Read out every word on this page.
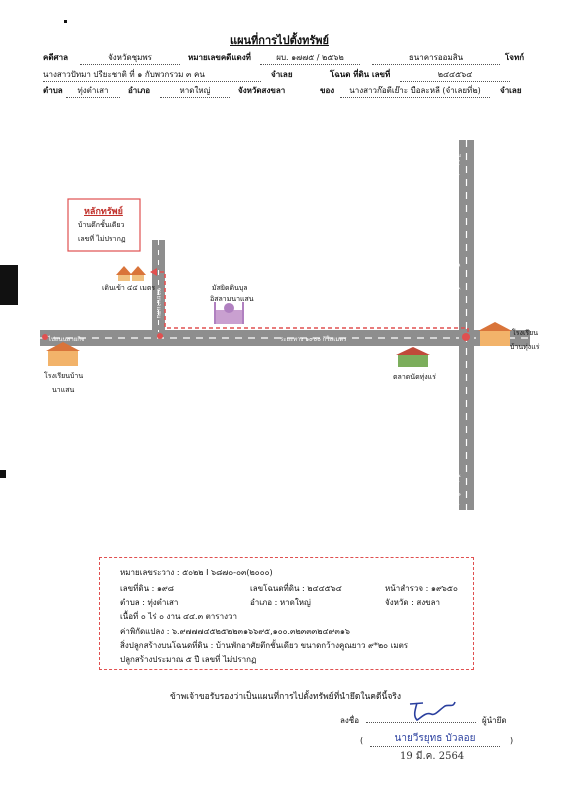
แผนที่การไปตั้งทรัพย์
คดีศาล	จังหวัดชุมพร	หมายเลขคดีแดงที่	ผบ. ๑๗๗๕ / ๒๕๖๒	ธนาคารออมสิน	โจทก์
นางสาวปัทมา ปรียะชาติ ที่ ๑ กับพวกรวม ๓ คน	จำเลย	โฉนด ที่ดิน เลขที่	๒๔๔๕๖๔
ตำบล	ทุ่งตำเสา	อำเภอ	หาดใหญ่	จังหวัดสงขลา	ของ	นางสาวก๊อตีเย๊าะ บือละหลี (จำเลยที่๒)	จำเลย
หลักทรัพย์
บ้านตึกชั้นเดียว
เลขที่ ไม่ปรากฏ
เดินเข้า ๔๔ เมตร	มัสยิดดินบุล
อิสลามนาแสน
โรงเรียนบ้าน
นาแสน
โรงเรียน
บ้านทุ่งแร่
ตลาดนัดทุ่งแร่
ไปถนนสายกิจ	ระยะทาง ๑๙๐๐ กิโลเมตร
ไปทุ่งแร่
ถนนลพบุรีราเมศวร์
ไปหาดใหญ่
ซอยนาแสน
หมายเลขระวาง : ๕๐๒๒ I ๖๘๗๐-๐๓(๒๐๐๐)
เลขที่ดิน : ๑๙๘	เลขโฉนดที่ดิน : ๒๔๔๕๖๔	หน้าสำรวจ : ๑๙๖๕๐
ตำบล : ทุ่งตำเสา	อำเภอ : หาดใหญ่	จังหวัด : สงขลา
เนื้อที่ ๐ ไร่ ๐ งาน ๔๔.๓ ตารางวา
ค่าพิกัดแปลง : ๖.๙๗๗๗๔๕๒๕๒๒๓๑๖๖๙๕,๑๐๐.๓๒๓๓๓๒๔๙๓๑๖
สิ่งปลูกสร้างบนโฉนดที่ดิน : บ้านพักอาศัยตึกชั้นเดียว ขนาดกว้างคูณยาว ๙*๒๐ เมตร
ปลูกสร้างประมาณ ๕ ปี เลขที่ ไม่ปรากฏ
ข้าพเจ้าขอรับรองว่าเป็นแผนที่การไปตั้งทรัพย์ที่นำยึดในคดีนี้จริง
ลงชื่อ	ผู้นำยึด
(	นายวีรยุทธ บัวลอย	)
19 มี.ค. 2564
